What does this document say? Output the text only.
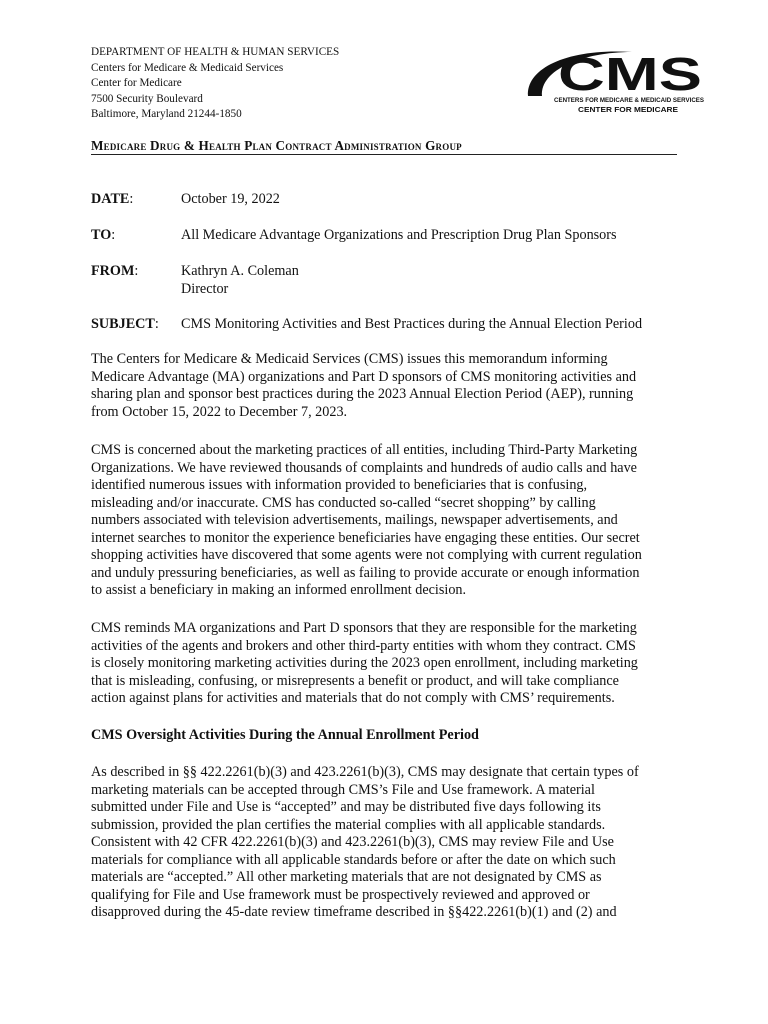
DEPARTMENT OF HEALTH & HUMAN SERVICES
Centers for Medicare & Medicaid Services
Center for Medicare
7500 Security Boulevard
Baltimore, Maryland 21244-1850
CMS
CENTERS FOR MEDICARE & MEDICAID SERVICES
CENTER FOR MEDICARE
Medicare Drug & Health Plan Contract Administration Group
DATE:	October 19, 2022
TO:	All Medicare Advantage Organizations and Prescription Drug Plan Sponsors
FROM:	Kathryn A. Coleman
Director
SUBJECT: CMS Monitoring Activities and Best Practices during the Annual Election Period
The Centers for Medicare & Medicaid Services (CMS) issues this memorandum informing
Medicare Advantage (MA) organizations and Part D sponsors of CMS monitoring activities and
sharing plan and sponsor best practices during the 2023 Annual Election Period (AEP), running
from October 15, 2022 to December 7, 2023.
CMS is concerned about the marketing practices of all entities, including Third-Party Marketing
Organizations. We have reviewed thousands of complaints and hundreds of audio calls and have
identified numerous issues with information provided to beneficiaries that is confusing,
misleading and/or inaccurate. CMS has conducted so-called “secret shopping” by calling
numbers associated with television advertisements, mailings, newspaper advertisements, and
internet searches to monitor the experience beneficiaries have engaging these entities. Our secret
shopping activities have discovered that some agents were not complying with current regulation
and unduly pressuring beneficiaries, as well as failing to provide accurate or enough information
to assist a beneficiary in making an informed enrollment decision.
CMS reminds MA organizations and Part D sponsors that they are responsible for the marketing
activities of the agents and brokers and other third-party entities with whom they contract. CMS
is closely monitoring marketing activities during the 2023 open enrollment, including marketing
that is misleading, confusing, or misrepresents a benefit or product, and will take compliance
action against plans for activities and materials that do not comply with CMS’ requirements.
CMS Oversight Activities During the Annual Enrollment Period
As described in §§ 422.2261(b)(3) and 423.2261(b)(3), CMS may designate that certain types of
marketing materials can be accepted through CMS’s File and Use framework. A material
submitted under File and Use is “accepted” and may be distributed five days following its
submission, provided the plan certifies the material complies with all applicable standards.
Consistent with 42 CFR 422.2261(b)(3) and 423.2261(b)(3), CMS may review File and Use
materials for compliance with all applicable standards before or after the date on which such
materials are “accepted.” All other marketing materials that are not designated by CMS as
qualifying for File and Use framework must be prospectively reviewed and approved or
disapproved during the 45-date review timeframe described in §§422.2261(b)(1) and (2) and
